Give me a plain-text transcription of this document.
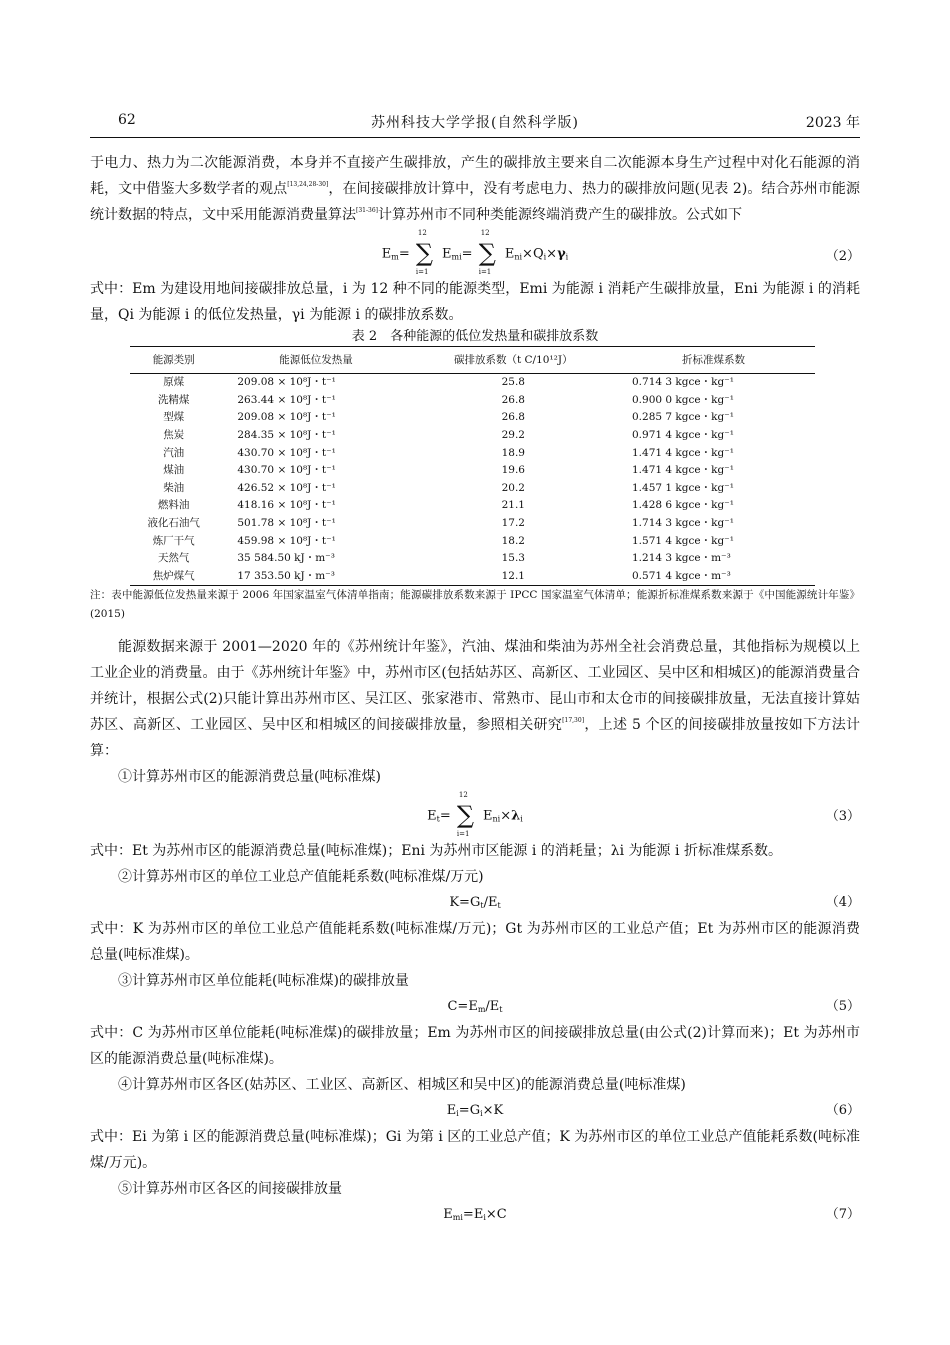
62	苏州科技大学学报(自然科学版)	2023 年

于电力、热力为二次能源消费，本身并不直接产生碳排放，产生的碳排放主要来自二次能源本身生产过程中对化石能源的消耗，文中借鉴大多数学者的观点[13,24,28-30]，在间接碳排放计算中，没有考虑电力、热力的碳排放问题(见表 2)。结合苏州市能源统计数据的特点，文中采用能源消费量算法[31-36]计算苏州市不同种类能源终端消费产生的碳排放。公式如下

Em=
12
∑
i=1
Emi=
12
∑
i=1
Eni×Qi×γi	（2）

式中：Em 为建设用地间接碳排放总量，i 为 12 种不同的能源类型，Emi 为能源 i 消耗产生碳排放量，Eni 为能源 i 的消耗量，Qi 为能源 i 的低位发热量，γi 为能源 i 的碳排放系数。

表 2　各种能源的低位发热量和碳排放系数
能源类别	能源低位发热量	碳排放系数（t C/10¹²J）	折标准煤系数
原煤	209.08 × 10⁸J・t⁻¹	25.8	0.714 3 kgce・kg⁻¹
洗精煤	263.44 × 10⁸J・t⁻¹	26.8	0.900 0 kgce・kg⁻¹
型煤	209.08 × 10⁸J・t⁻¹	26.8	0.285 7 kgce・kg⁻¹
焦炭	284.35 × 10⁸J・t⁻¹	29.2	0.971 4 kgce・kg⁻¹
汽油	430.70 × 10⁸J・t⁻¹	18.9	1.471 4 kgce・kg⁻¹
煤油	430.70 × 10⁸J・t⁻¹	19.6	1.471 4 kgce・kg⁻¹
柴油	426.52 × 10⁸J・t⁻¹	20.2	1.457 1 kgce・kg⁻¹
燃料油	418.16 × 10⁸J・t⁻¹	21.1	1.428 6 kgce・kg⁻¹
液化石油气	501.78 × 10⁸J・t⁻¹	17.2	1.714 3 kgce・kg⁻¹
炼厂干气	459.98 × 10⁸J・t⁻¹	18.2	1.571 4 kgce・kg⁻¹
天然气	35 584.50 kJ・m⁻³	15.3	1.214 3 kgce・m⁻³
焦炉煤气	17 353.50 kJ・m⁻³	12.1	0.571 4 kgce・m⁻³

注：表中能源低位发热量来源于 2006 年国家温室气体清单指南；能源碳排放系数来源于 IPCC 国家温室气体清单；能源折标准煤系数来源于《中国能源统计年鉴》(2015)

能源数据来源于 2001—2020 年的《苏州统计年鉴》，汽油、煤油和柴油为苏州全社会消费总量，其他指标为规模以上工业企业的消费量。由于《苏州统计年鉴》中，苏州市区(包括姑苏区、高新区、工业园区、吴中区和相城区)的能源消费量合并统计，根据公式(2)只能计算出苏州市区、吴江区、张家港市、常熟市、昆山市和太仓市的间接碳排放量，无法直接计算姑苏区、高新区、工业园区、吴中区和相城区的间接碳排放量，参照相关研究[17,30]，上述 5 个区的间接碳排放量按如下方法计算：

①计算苏州市区的能源消费总量(吨标准煤)
Et=
12
∑
i=1
Eni×λi	（3）

式中：Et 为苏州市区的能源消费总量(吨标准煤)；Eni 为苏州市区能源 i 的消耗量；λi 为能源 i 折标准煤系数。

②计算苏州市区的单位工业总产值能耗系数(吨标准煤/万元)
K=Gt/Et	（4）

式中：K 为苏州市区的单位工业总产值能耗系数(吨标准煤/万元)；Gt 为苏州市区的工业总产值；Et 为苏州市区的能源消费总量(吨标准煤)。

③计算苏州市区单位能耗(吨标准煤)的碳排放量
C=Em/Et	（5）

式中：C 为苏州市区单位能耗(吨标准煤)的碳排放量；Em 为苏州市区的间接碳排放总量(由公式(2)计算而来)；Et 为苏州市区的能源消费总量(吨标准煤)。

④计算苏州市区各区(姑苏区、工业区、高新区、相城区和吴中区)的能源消费总量(吨标准煤)
Ei=Gi×K	（6）

式中：Ei 为第 i 区的能源消费总量(吨标准煤)；Gi 为第 i 区的工业总产值；K 为苏州市区的单位工业总产值能耗系数(吨标准煤/万元)。

⑤计算苏州市区各区的间接碳排放量
Emi=Ei×C	（7）
